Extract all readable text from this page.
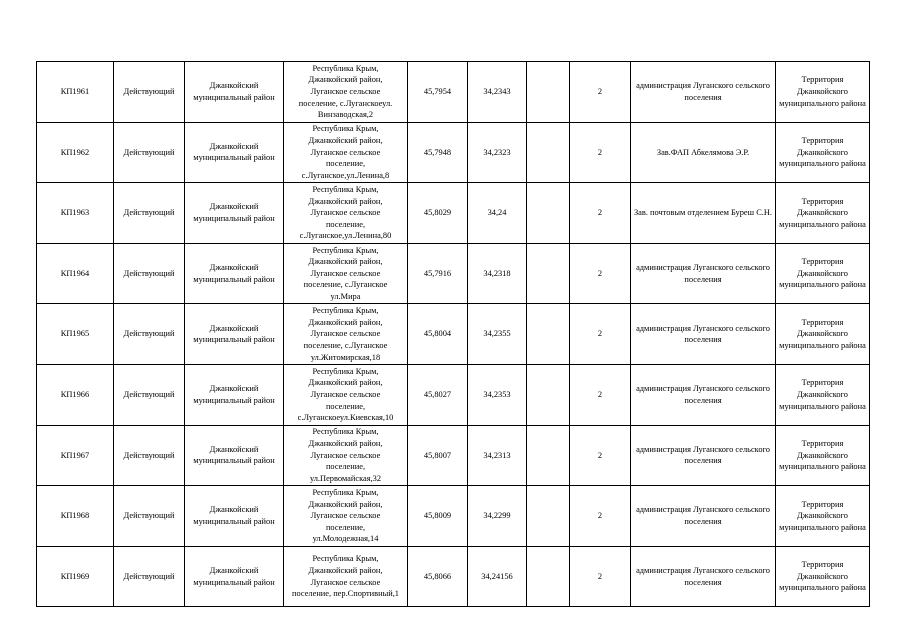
КП1961	Действующий	Джанкойский муниципальный район	Республика Крым,
Джанкойский район,
Луганское сельское
поселение, с.Луганскоеул.
Винзаводская,2	45,7954	34,2343		2	администрация Луганского сельского поселения	Территория Джанкойского муниципального района
КП1962	Действующий	Джанкойский муниципальный район	Республика Крым,
Джанкойский район,
Луганское сельское
поселение,
с.Луганское,ул.Ленина,8	45,7948	34,2323		2	Зав.ФАП Абкелямова Э.Р.	Территория Джанкойского муниципального района
КП1963	Действующий	Джанкойский муниципальный район	Республика Крым,
Джанкойский район,
Луганское сельское
поселение,
с.Луганское,ул.Ленина,80	45,8029	34,24		2	Зав. почтовым отделением Буреш С.Н.	Территория Джанкойского муниципального района
КП1964	Действующий	Джанкойский муниципальный район	Республика Крым,
Джанкойский район,
Луганское сельское
поселение, с.Луганское
ул.Мира	45,7916	34,2318		2	администрация Луганского сельского поселения	Территория Джанкойского муниципального района
КП1965	Действующий	Джанкойский муниципальный район	Республика Крым,
Джанкойский район,
Луганское сельское
поселение, с.Луганское
ул.Житомирская,18	45,8004	34,2355		2	администрация Луганского сельского поселения	Территория Джанкойского муниципального района
КП1966	Действующий	Джанкойский муниципальный район	Республика Крым,
Джанкойский район,
Луганское сельское
поселение,
с.Луганскоеул.Киевская,10	45,8027	34,2353		2	администрация Луганского сельского поселения	Территория Джанкойского муниципального района
КП1967	Действующий	Джанкойский муниципальный район	Республика Крым,
Джанкойский район,
Луганское сельское
поселение,
ул.Первомайская,32	45,8007	34,2313		2	администрация Луганского сельского поселения	Территория Джанкойского муниципального района
КП1968	Действующий	Джанкойский муниципальный район	Республика Крым,
Джанкойский район,
Луганское сельское
поселение,
ул.Молодежная,14	45,8009	34,2299		2	администрация Луганского сельского поселения	Территория Джанкойского муниципального района
КП1969	Действующий	Джанкойский муниципальный район	Республика Крым,
Джанкойский район,
Луганское сельское
поселение, пер.Спортивный,1	45,8066	34,24156		2	администрация Луганского сельского поселения	Территория Джанкойского муниципального района
